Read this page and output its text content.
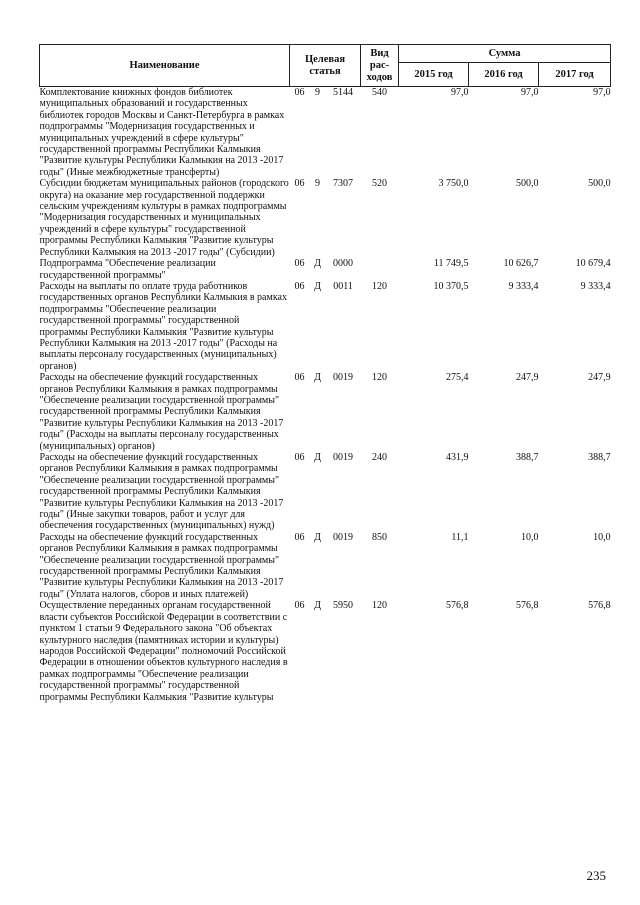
Наименование	Целевая статья			Вид рас-ходов	Сумма		
					2015 год	2016 год	2017 год
Комплектование книжных фондов библиотек муниципальных образований и государственных библиотек городов Москвы и Санкт-Петербурга в рамках подпрограммы "Модернизация государственных и муниципальных учреждений в сфере культуры" государственной программы Республики Калмыкия "Развитие культуры Республики Калмыкия на 2013 -2017 годы" (Иные межбюджетные трансферты)	06	9	5144	540	97,0	97,0	97,0
Субсидии бюджетам муниципальных районов (городского округа) на оказание мер государственной поддержки сельским учреждениям культуры в рамках подпрограммы "Модернизация государственных и муниципальных учреждений в сфере культуры" государственной программы Республики Калмыкия "Развитие культуры Республики Калмыкия на 2013 -2017 годы" (Субсидии)	06	9	7307	520	3 750,0	500,0	500,0
Подпрограмма "Обеспечение реализации государственной программы"	06	Д	0000		11 749,5	10 626,7	10 679,4
Расходы на выплаты по оплате труда работников государственных органов Республики Калмыкия в рамках подпрограммы "Обеспечение реализации государственной программы" государственной программы Республики Калмыкия "Развитие культуры Республики Калмыкия на 2013 -2017 годы" (Расходы на выплаты персоналу государственных (муниципальных) органов)	06	Д	0011	120	10 370,5	9 333,4	9 333,4
Расходы на обеспечение функций государственных органов Республики Калмыкия в рамках подпрограммы "Обеспечение реализации государственной программы" государственной программы Республики Калмыкия "Развитие культуры Республики Калмыкия на 2013 -2017 годы" (Расходы на выплаты персоналу государственных (муниципальных) органов)	06	Д	0019	120	275,4	247,9	247,9
Расходы на обеспечение функций государственных органов Республики Калмыкия в рамках подпрограммы "Обеспечение реализации государственной программы" государственной программы Республики Калмыкия "Развитие культуры Республики Калмыкия на 2013 -2017 годы" (Иные закупки товаров, работ и услуг для обеспечения государственных (муниципальных) нужд)	06	Д	0019	240	431,9	388,7	388,7
Расходы на обеспечение функций государственных органов Республики Калмыкия в рамках подпрограммы "Обеспечение реализации государственной программы" государственной программы Республики Калмыкия "Развитие культуры Республики Калмыкия на 2013 -2017 годы" (Уплата налогов, сборов и иных платежей)	06	Д	0019	850	11,1	10,0	10,0
Осуществление переданных органам государственной власти субъектов Российской Федерации в соответствии с пунктом 1 статьи 9 Федерального закона "Об объектах культурного наследия (памятниках истории и культуры) народов Российской Федерации" полномочий Российской Федерации в отношении объектов культурного наследия в рамках подпрограммы "Обеспечение реализации государственной программы" государственной программы Республики Калмыкия "Развитие культуры	06	Д	5950	120	576,8	576,8	576,8
235
